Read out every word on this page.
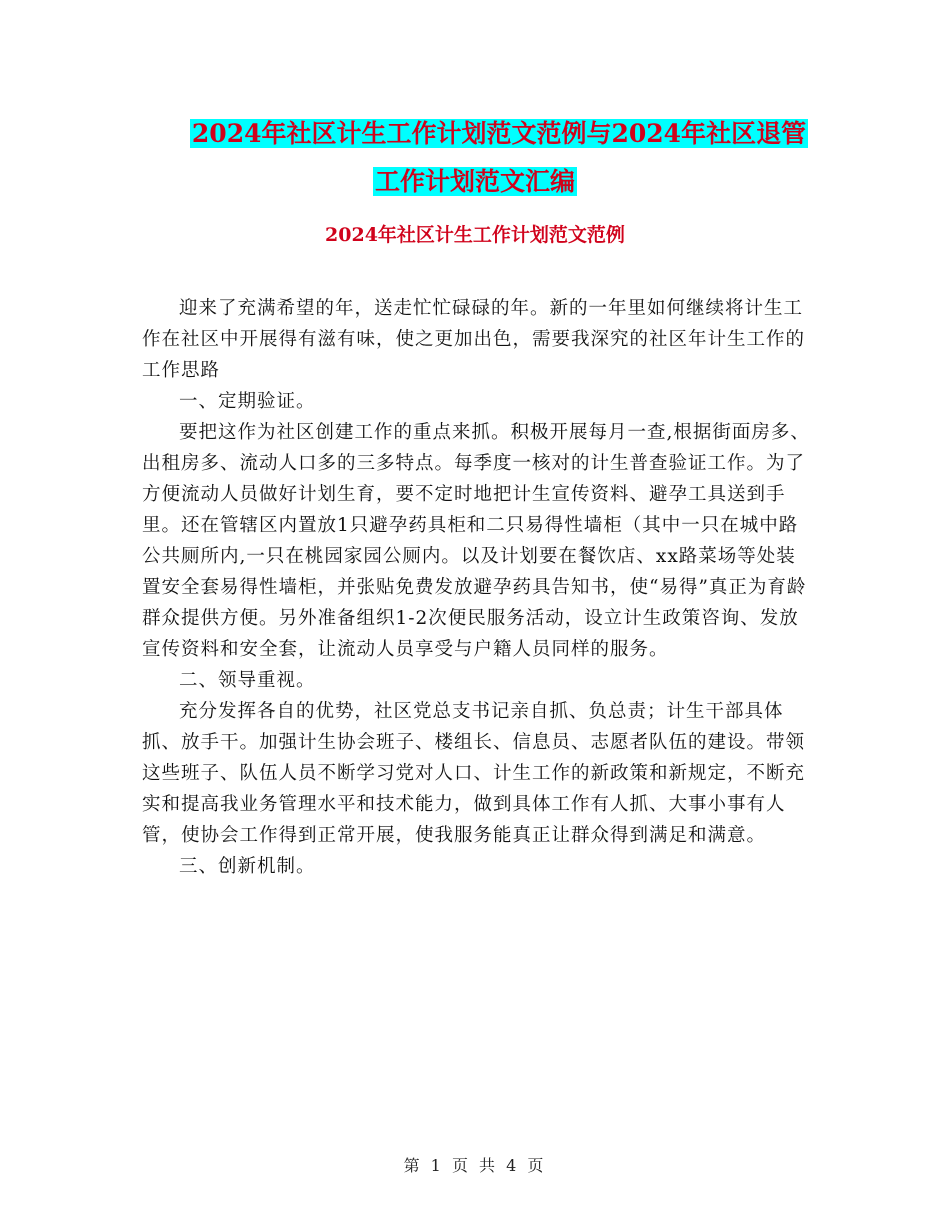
2024年社区计生工作计划范文范例与2024年社区退管
工作计划范文汇编
2024年社区计生工作计划范文范例

迎来了充满希望的年，送走忙忙碌碌的年。新的一年里如何继续将计生工作在社区中开展得有滋有味，使之更加出色，需要我深究的社区年计生工作的工作思路

一、定期验证。

要把这作为社区创建工作的重点来抓。积极开展每月一查,根据街面房多、出租房多、流动人口多的三多特点。每季度一核对的计生普查验证工作。为了方便流动人员做好计划生育，要不定时地把计生宣传资料、避孕工具送到手里。还在管辖区内置放1只避孕药具柜和二只易得性墙柜（其中一只在城中路公共厕所内,一只在桃园家园公厕内。以及计划要在餐饮店、xx路菜场等处装置安全套易得性墙柜，并张贴免费发放避孕药具告知书，使“易得”真正为育龄群众提供方便。另外准备组织1-2次便民服务活动，设立计生政策咨询、发放宣传资料和安全套，让流动人员享受与户籍人员同样的服务。

二、领导重视。

充分发挥各自的优势，社区党总支书记亲自抓、负总责；计生干部具体抓、放手干。加强计生协会班子、楼组长、信息员、志愿者队伍的建设。带领这些班子、队伍人员不断学习党对人口、计生工作的新政策和新规定，不断充实和提高我业务管理水平和技术能力，做到具体工作有人抓、大事小事有人管，使协会工作得到正常开展，使我服务能真正让群众得到满足和满意。

三、创新机制。

第 1 页 共 4 页
